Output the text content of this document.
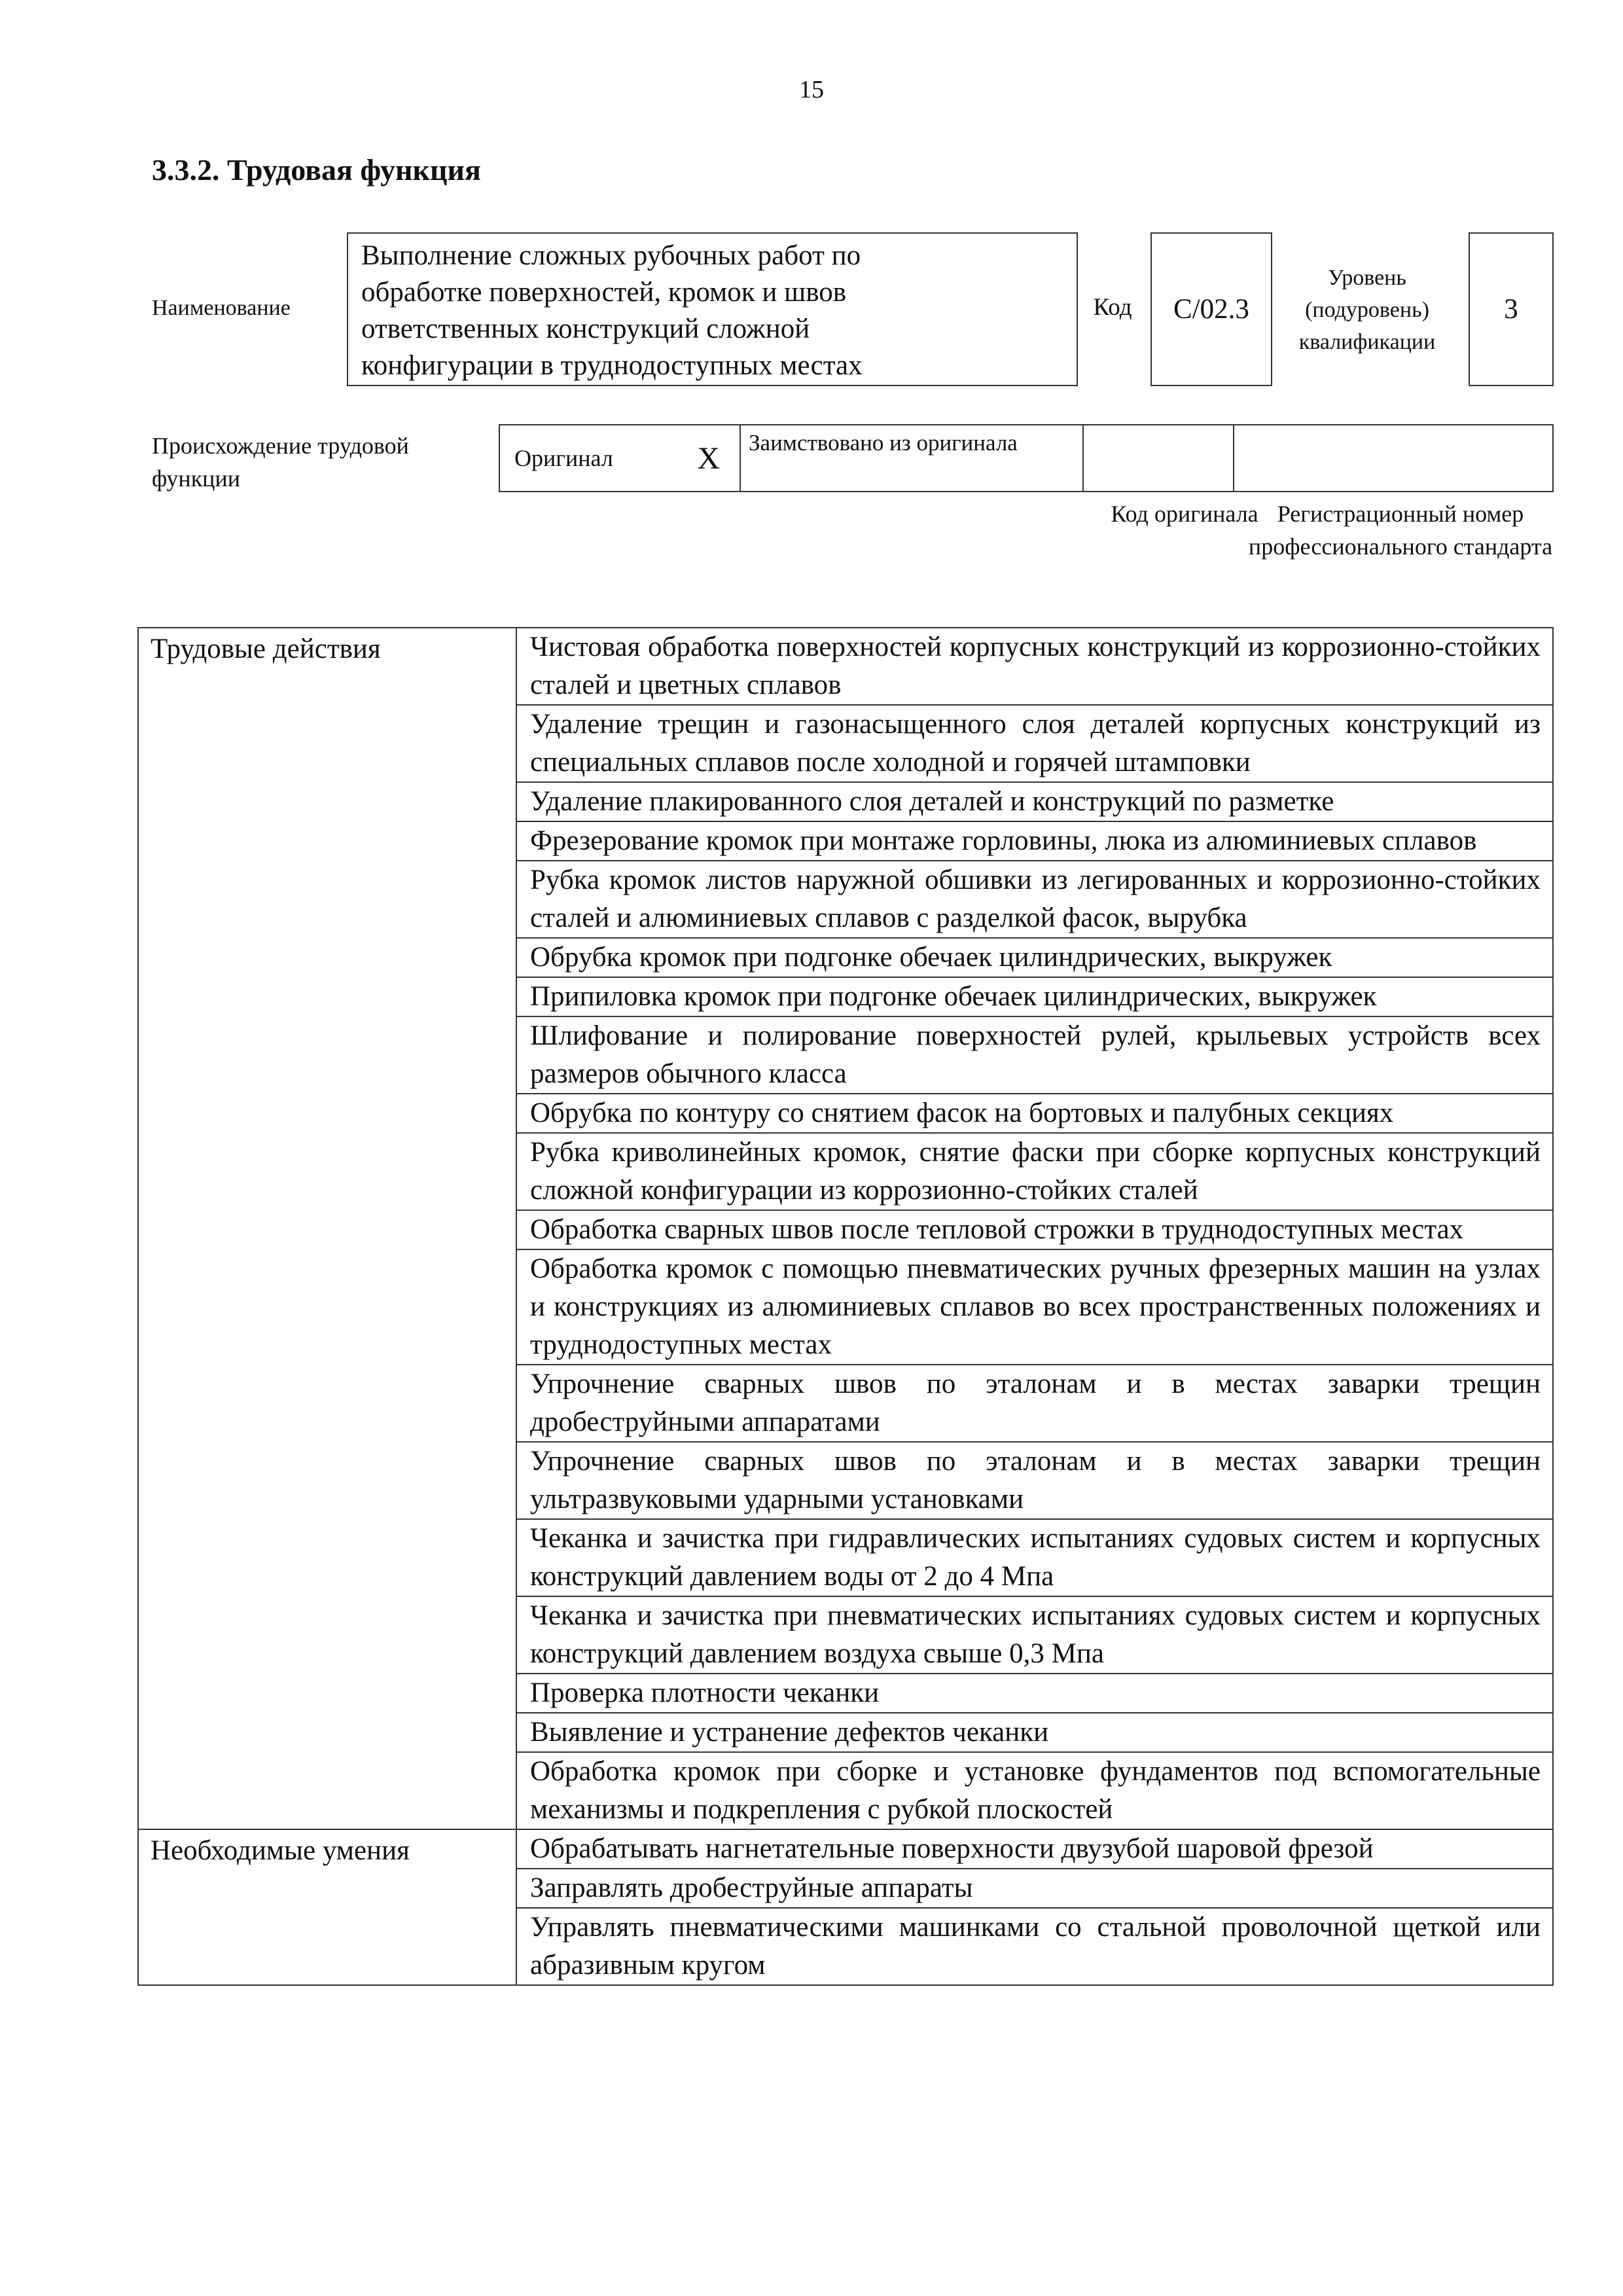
15
3.3.2. Трудовая функция
Наименование
Выполнение сложных рубочных работ по
обработке поверхностей, кромок и швов
ответственных конструкций сложной
конфигурации в труднодоступных местах
Код	C/02.3
Уровень
(подуровень)
квалификации
3
Происхождение трудовой функции
Оригинал	X	Заимствовано из оригинала
Код оригинала Регистрационный номер профессионального стандарта
Трудовые действия	Чистовая обработка поверхностей корпусных конструкций из коррозионно-стойких сталей и цветных сплавов
	Удаление трещин и газонасыщенного слоя деталей корпусных конструкций из специальных сплавов после холодной и горячей штамповки
	Удаление плакированного слоя деталей и конструкций по разметке
	Фрезерование кромок при монтаже горловины, люка из алюминиевых сплавов
	Рубка кромок листов наружной обшивки из легированных и коррозионно-стойких сталей и алюминиевых сплавов с разделкой фасок, вырубка
	Обрубка кромок при подгонке обечаек цилиндрических, выкружек
	Припиловка кромок при подгонке обечаек цилиндрических, выкружек
	Шлифование и полирование поверхностей рулей, крыльевых устройств всех размеров обычного класса
	Обрубка по контуру со снятием фасок на бортовых и палубных секциях
	Рубка криволинейных кромок, снятие фаски при сборке корпусных конструкций сложной конфигурации из коррозионно-стойких сталей
	Обработка сварных швов после тепловой строжки в труднодоступных местах
	Обработка кромок с помощью пневматических ручных фрезерных машин на узлах и конструкциях из алюминиевых сплавов во всех пространственных положениях и труднодоступных местах
	Упрочнение сварных швов по эталонам и в местах заварки трещин дробеструйными аппаратами
	Упрочнение сварных швов по эталонам и в местах заварки трещин ультразвуковыми ударными установками
	Чеканка и зачистка при гидравлических испытаниях судовых систем и корпусных конструкций давлением воды от 2 до 4 Мпа
	Чеканка и зачистка при пневматических испытаниях судовых систем и корпусных конструкций давлением воздуха свыше 0,3 Мпа
	Проверка плотности чеканки
	Выявление и устранение дефектов чеканки
	Обработка кромок при сборке и установке фундаментов под вспомогательные механизмы и подкрепления с рубкой плоскостей
Необходимые умения	Обрабатывать нагнетательные поверхности двузубой шаровой фрезой
	Заправлять дробеструйные аппараты
	Управлять пневматическими машинками со стальной проволочной щеткой или абразивным кругом
